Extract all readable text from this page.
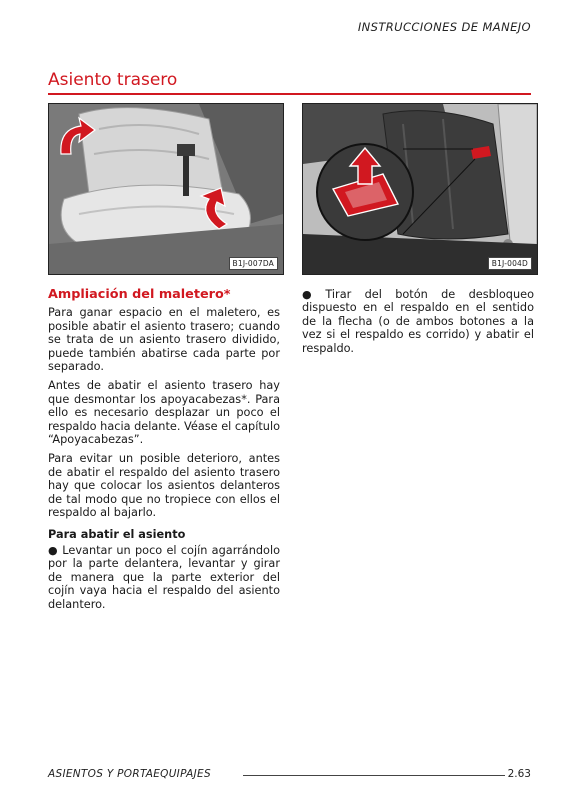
INSTRUCCIONES DE MANEJO
Asiento trasero
B1J-007DA	B1J-004D
Ampliación del maletero*

Para ganar espacio en el maletero, es posible abatir el asiento trasero; cuando se trata de un asiento trasero dividido, puede también abatirse cada parte por separado.

Antes de abatir el asiento trasero hay que desmontar los apoyacabezas*. Para ello es necesario desplazar un poco el respaldo hacia delante. Véase el capítulo “Apoyacabezas”.

Para evitar un posible deterioro, antes de abatir el respaldo del asiento trasero hay que colocar los asientos delanteros de tal modo que no tropiece con ellos el respaldo al bajarlo.

Para abatir el asiento

● Levantar un poco el cojín agarrándolo por la parte delantera, levantar y girar de manera que la parte exterior del cojín vaya hacia el respaldo del asiento delantero.

● Tirar del botón de desbloqueo dispuesto en el respaldo en el sentido de la flecha (o de ambos botones a la vez si el respaldo es corrido) y abatir el respaldo.

ASIENTOS Y PORTAEQUIPAJES	2.63
